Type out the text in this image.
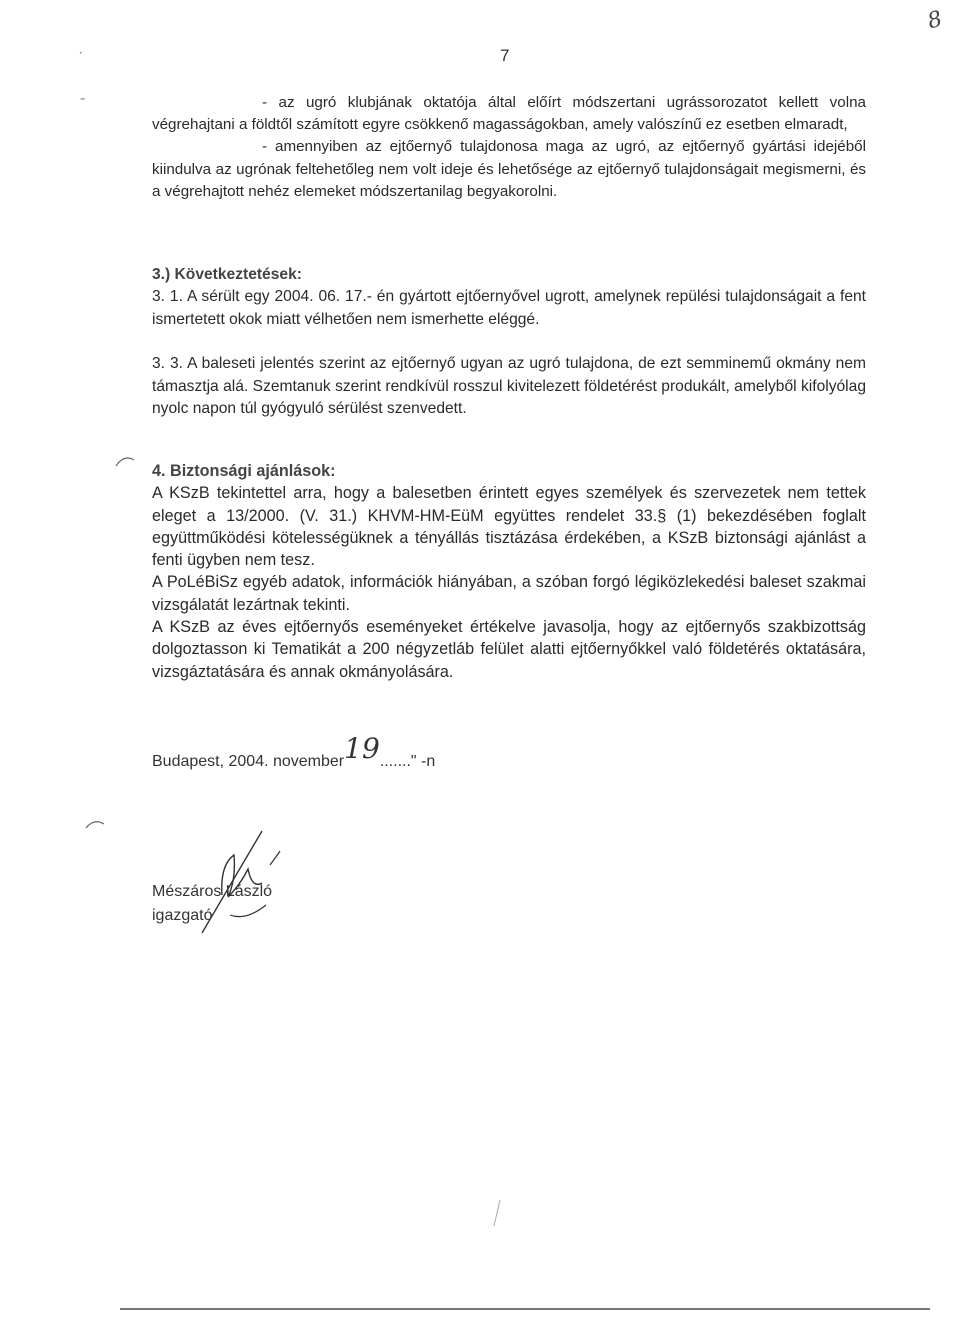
7
8
·
-	- az ugró klubjának oktatója által előírt módszertani ugrássorozatot kellett volna végrehajtani a földtől számított egyre csökkenő magasságokban, amely valószínű ez esetben elmaradt,

- amennyiben az ejtőernyő tulajdonosa maga az ugró, az ejtőernyő gyártási idejéből kiindulva az ugrónak feltehetőleg nem volt ideje és lehetősége az ejtőernyő tulajdonságait megismerni, és a végrehajtott nehéz elemeket módszertanilag begyakorolni.

3.) Következtetések:

3. 1. A sérült egy 2004. 06. 17.- én gyártott ejtőernyővel ugrott, amelynek repülési tulajdonságait a fent ismertetett okok miatt vélhetően nem ismerhette eléggé.

3. 3. A baleseti jelentés szerint az ejtőernyő ugyan az ugró tulajdona, de ezt semminemű okmány nem támasztja alá. Szemtanuk szerint rendkívül rosszul kivitelezett földetérést produkált, amelyből kifolyólag nyolc napon túl gyógyuló sérülést szenvedett.

4. Biztonsági ajánlások:

A KSzB tekintettel arra, hogy a balesetben érintett egyes személyek és szervezetek nem tettek eleget a 13/2000. (V. 31.) KHVM-HM-EüM együttes rendelet 33.§ (1) bekezdésében foglalt együttműködési kötelességüknek a tényállás tisztázása érdekében, a KSzB biztonsági ajánlást a fenti ügyben nem tesz.

A PoLéBiSz egyéb adatok, információk hiányában, a szóban forgó légiközlekedési baleset szakmai vizsgálatát lezártnak tekinti.

A KSzB az éves ejtőernyős eseményeket értékelve javasolja, hogy az ejtőernyős szakbizottság dolgoztasson ki Tematikát a 200 négyzetláb felület alatti ejtőernyőkkel való földetérés oktatására, vizsgáztatására és annak okmányolására.

Budapest, 2004. november19......." -n
Mészáros László
igazgató
